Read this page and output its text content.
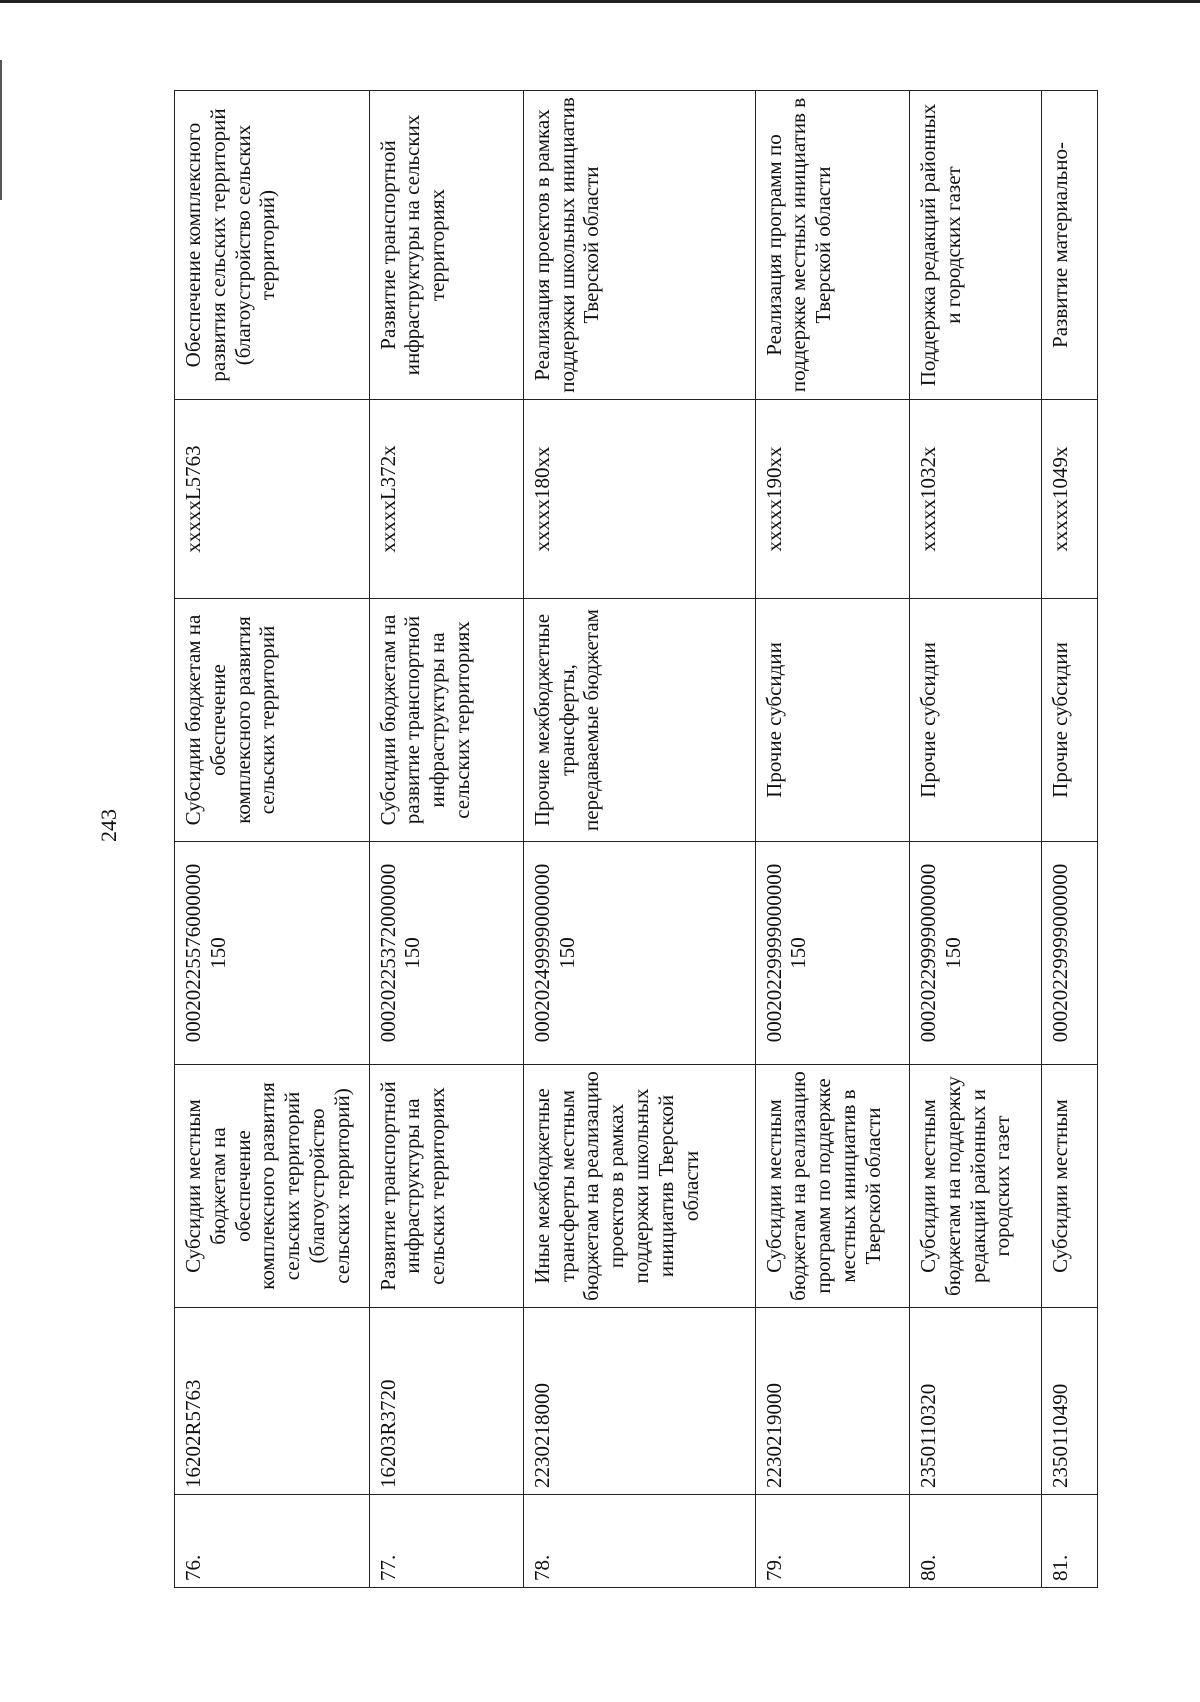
243
76.	16202R5763	Субсидии местным бюджетам на обеспечение комплексного развития сельских территорий (благоустройство сельских территорий)	00020225576000000 150	Субсидии бюджетам на обеспечение комплексного развития сельских территорий	xxxxxL5763	Обеспечение комплексного развития сельских территорий (благоустройство сельских территорий)
77.	16203R3720	Развитие транспортной инфраструктуры на сельских территориях	00020225372000000 150	Субсидии бюджетам на развитие транспортной инфраструктуры на сельских территориях	xxxxxL372x	Развитие транспортной инфраструктуры на сельских территориях
78.	2230218000	Иные межбюджетные трансферты местным бюджетам на реализацию проектов в рамках поддержки школьных инициатив Тверской области	00020249999000000 150	Прочие межбюджетные трансферты, передаваемые бюджетам	xxxxx180xx	Реализация проектов в рамках поддержки школьных инициатив Тверской области
79.	2230219000	Субсидии местным бюджетам на реализацию программ по поддержке местных инициатив в Тверской области	00020229999000000 150	Прочие субсидии	xxxxx190xx	Реализация программ по поддержке местных инициатив в Тверской области
80.	2350110320	Субсидии местным бюджетам на поддержку редакций районных и городских газет	00020229999000000 150	Прочие субсидии	xxxxx1032x	Поддержка редакций районных и городских газет
81.	2350110490	Субсидии местным	00020229999000000	Прочие субсидии	xxxxx1049x	Развитие материально-
